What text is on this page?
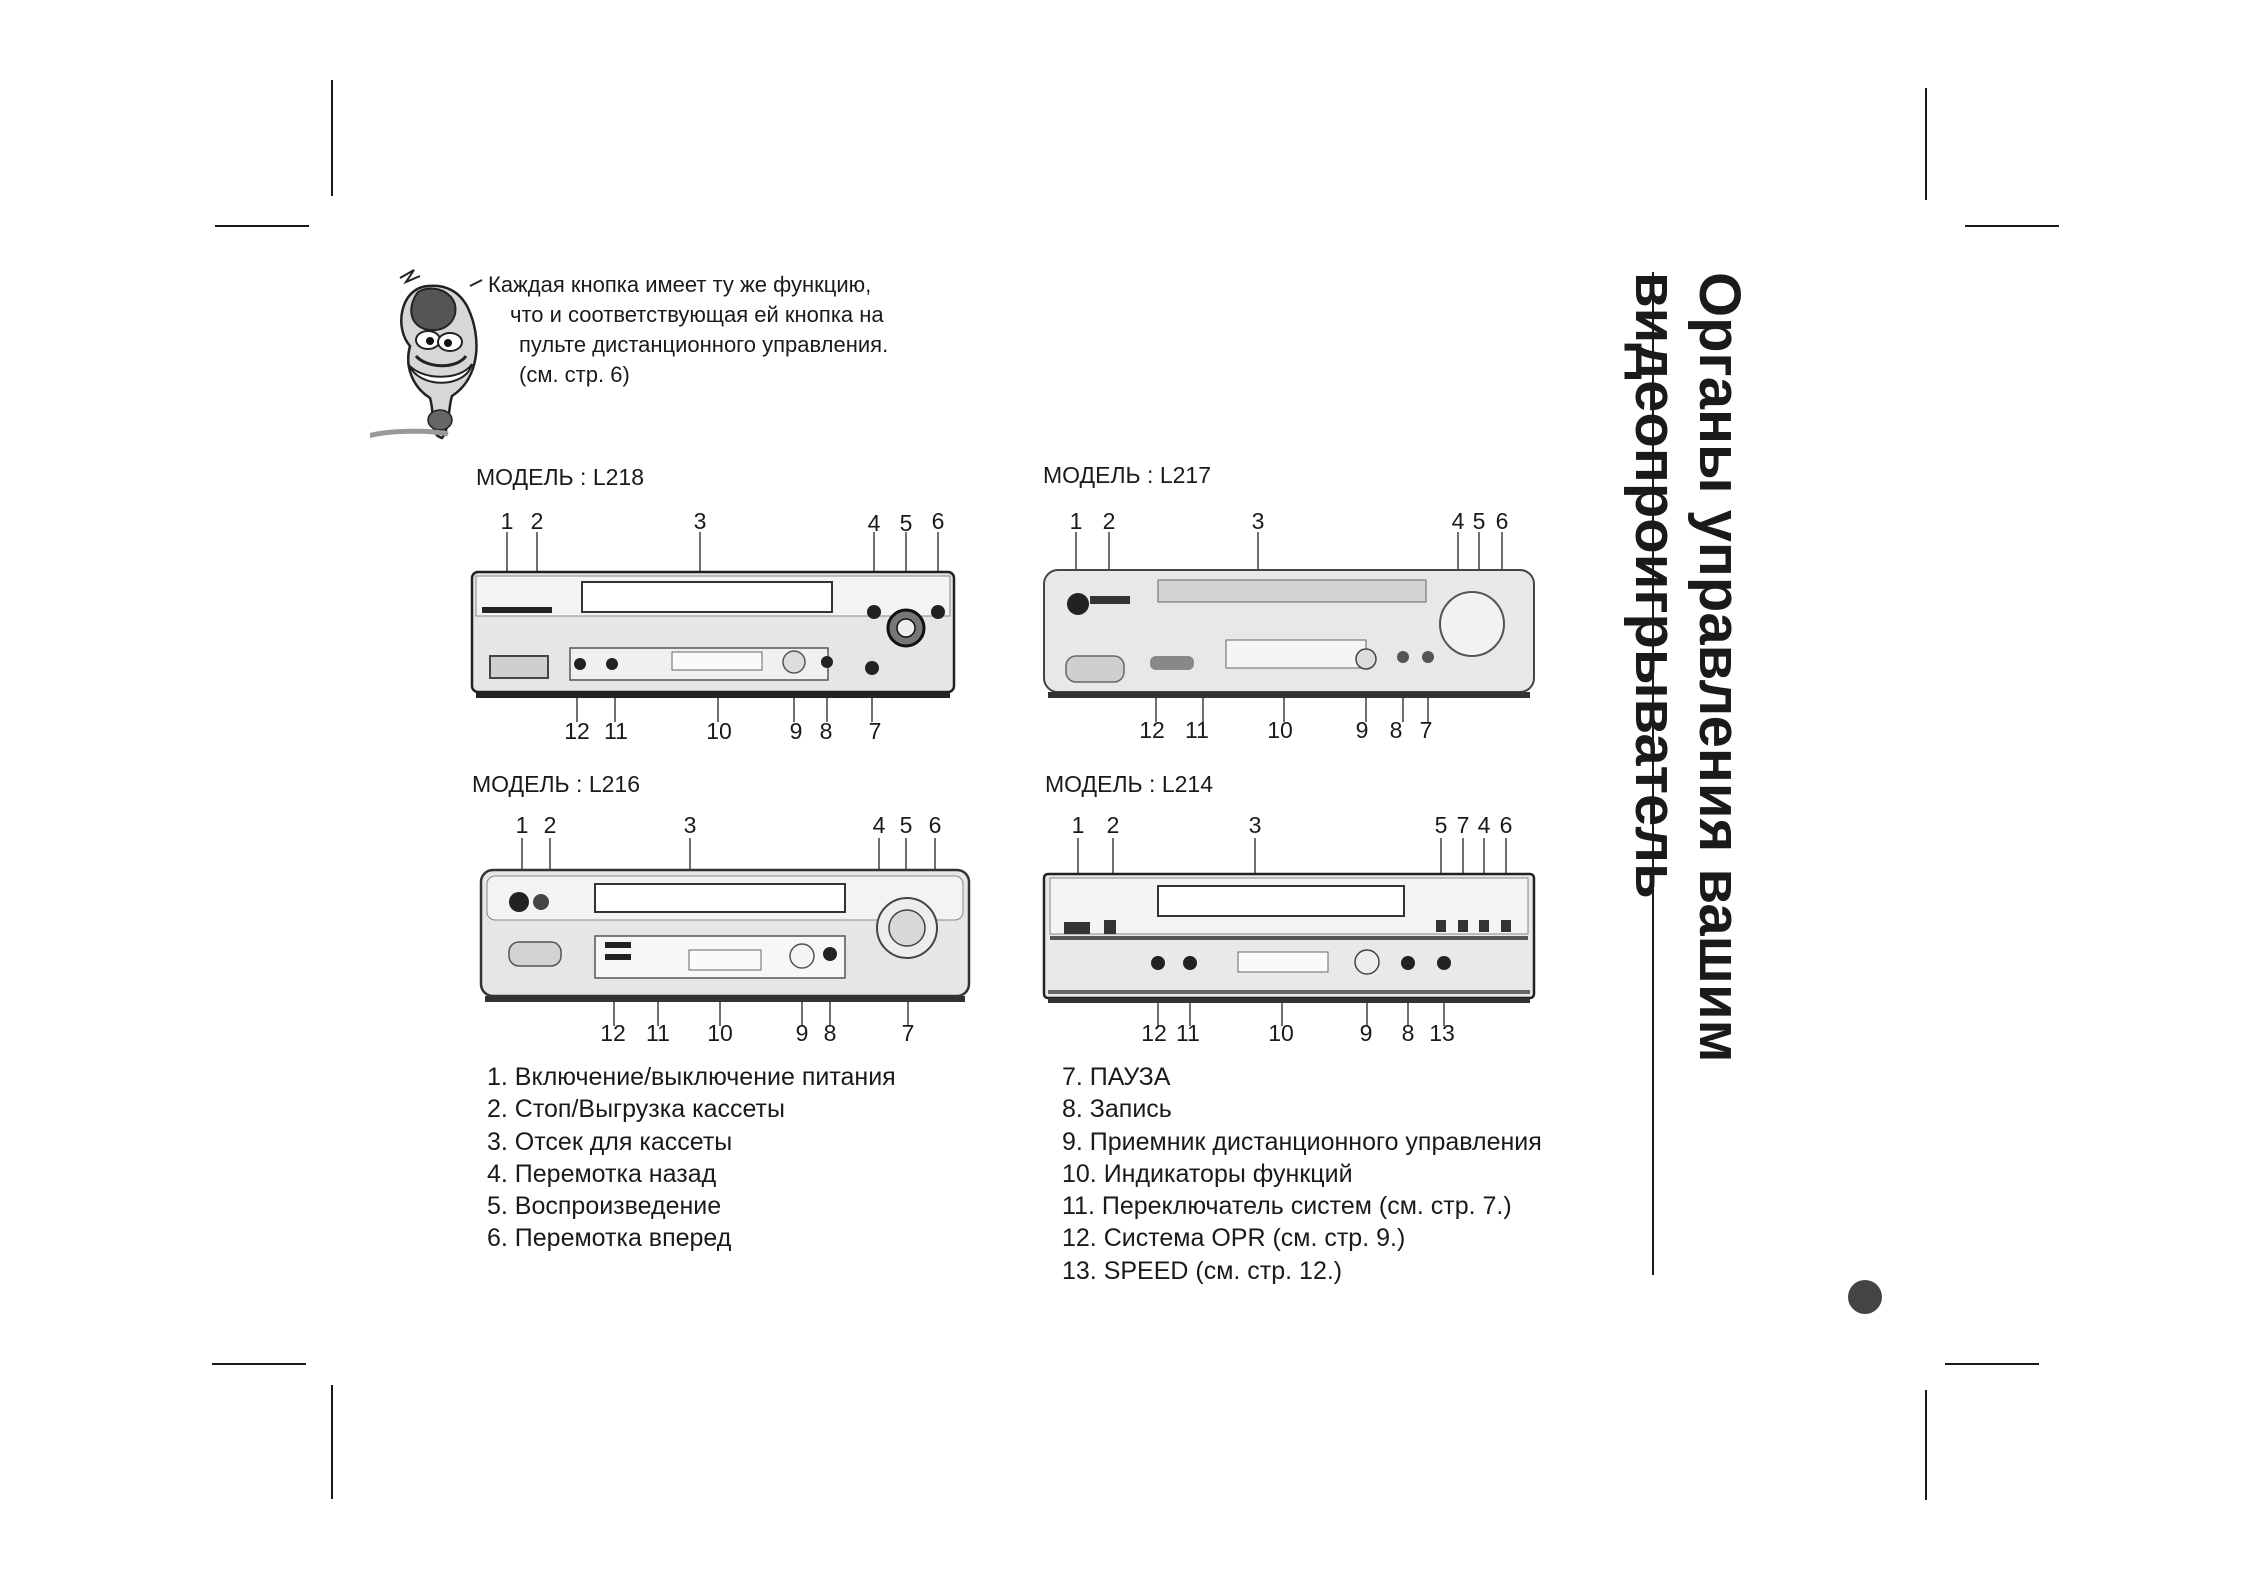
Органы управления вашим
видеопроигрыватель
Каждая кнопка имеет ту же функцию,
что и соответствующая ей кнопка на
пульте дистанционного управления.
(см. стр. 6)
МОДЕЛЬ : L218
1 2	3	4 5 6
12 11	10	9 8 7
МОДЕЛЬ : L217
1 2	3	4 5 6
12 11	10	9 8 7
МОДЕЛЬ : L216
1 2	3	4 5 6
12 11 10	9 8	7
МОДЕЛЬ : L214
1 2	3	5 7 4 6
12 11	10	9 8 13
1. Включение/выключение питания
2. Стоп/Выгрузка кассеты
3. Отсек для кассеты
4. Перемотка назад
5. Воспроизведение
6. Перемотка вперед
7. ПАУЗА
8. Запись
9. Приемник дистанционного управления
10. Индикаторы функций
11. Переключатель систем (см. стр. 7.)
12. Система OPR (см. стр. 9.)
13. SPEED (см. стр. 12.)
